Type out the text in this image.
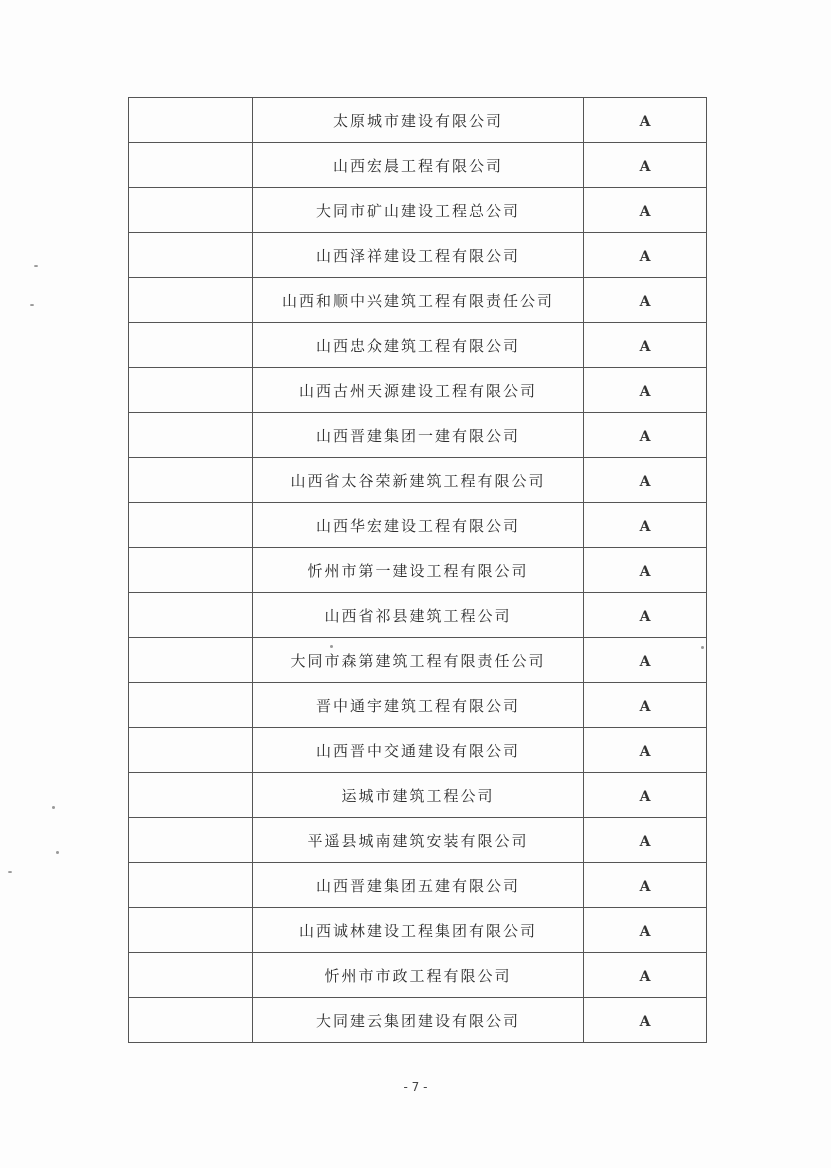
	太原城市建设有限公司	A
	山西宏晨工程有限公司	A
	大同市矿山建设工程总公司	A
	山西泽祥建设工程有限公司	A
	山西和顺中兴建筑工程有限责任公司	A
	山西忠众建筑工程有限公司	A
	山西古州天源建设工程有限公司	A
	山西晋建集团一建有限公司	A
	山西省太谷荣新建筑工程有限公司	A
	山西华宏建设工程有限公司	A
	忻州市第一建设工程有限公司	A
	山西省祁县建筑工程公司	A
	大同市森第建筑工程有限责任公司	A
	晋中通宇建筑工程有限公司	A
	山西晋中交通建设有限公司	A
	运城市建筑工程公司	A
	平遥县城南建筑安装有限公司	A
	山西晋建集团五建有限公司	A
	山西诚林建设工程集团有限公司	A
	忻州市市政工程有限公司	A
	大同建云集团建设有限公司	A
- 7 -
